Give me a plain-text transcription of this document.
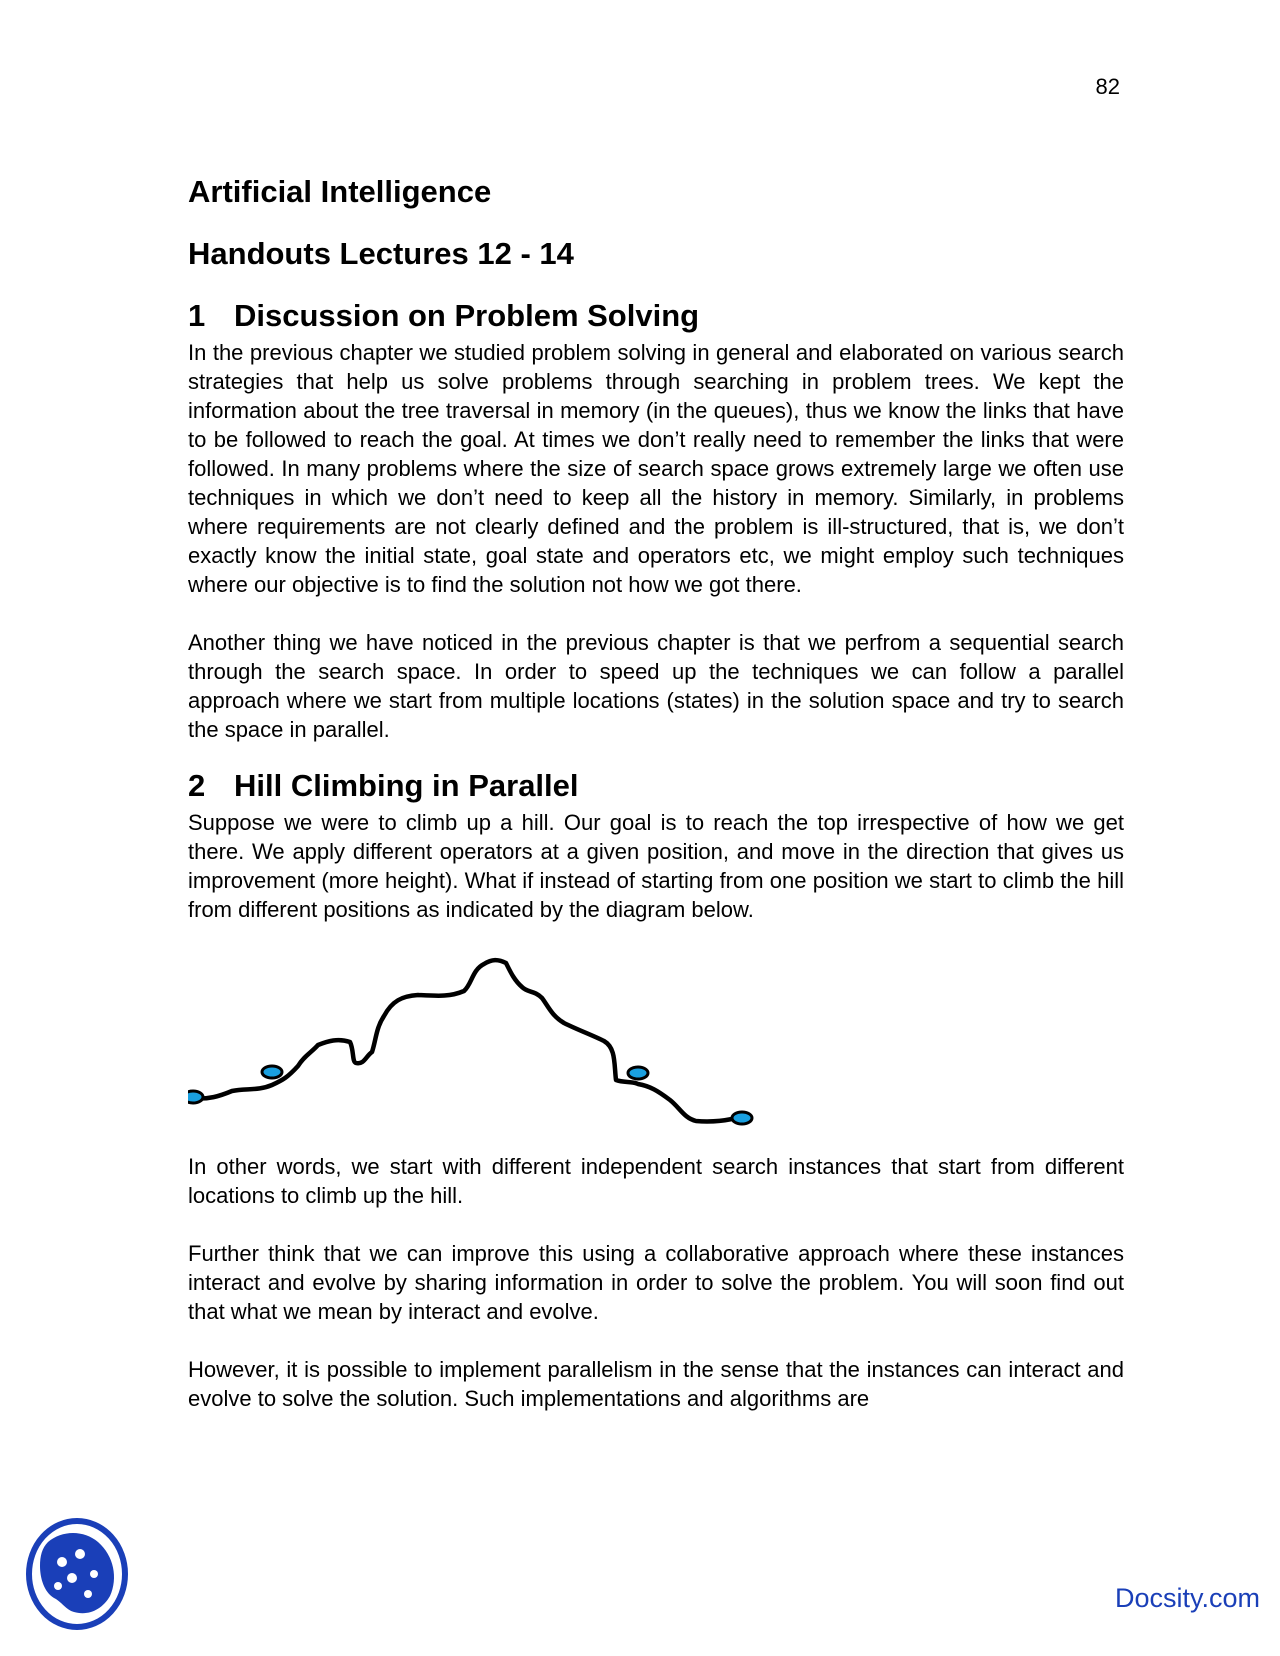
82
Artificial Intelligence
Handouts Lectures 12 - 14
1 Discussion on Problem Solving

In the previous chapter we studied problem solving in general and elaborated on various search strategies that help us solve problems through searching in problem trees. We kept the information about the tree traversal in memory (in the queues), thus we know the links that have to be followed to reach the goal. At times we don’t really need to remember the links that were followed. In many problems where the size of search space grows extremely large we often use techniques in which we don’t need to keep all the history in memory. Similarly, in problems where requirements are not clearly defined and the problem is ill-structured, that is, we don’t exactly know the initial state, goal state and operators etc, we might employ such techniques where our objective is to find the solution not how we got there.

Another thing we have noticed in the previous chapter is that we perfrom a sequential search through the search space. In order to speed up the techniques we can follow a parallel approach where we start from multiple locations (states) in the solution space and try to search the space in parallel.

2 Hill Climbing in Parallel

Suppose we were to climb up a hill. Our goal is to reach the top irrespective of how we get there. We apply different operators at a given position, and move in the direction that gives us improvement (more height). What if instead of starting from one position we start to climb the hill from different positions as indicated by the diagram below.

In other words, we start with different independent search instances that start from different locations to climb up the hill.

Further think that we can improve this using a collaborative approach where these instances interact and evolve by sharing information in order to solve the problem. You will soon find out that what we mean by interact and evolve.

However, it is possible to implement parallelism in the sense that the instances can interact and evolve to solve the solution. Such implementations and algorithms are

Docsity.com
